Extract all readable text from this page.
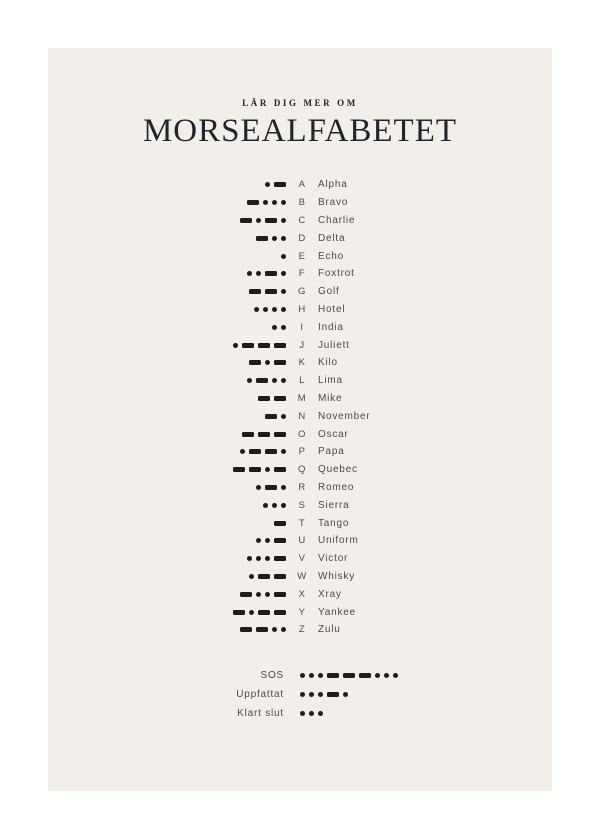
LÄR DIG MER OM
MORSEALFABETET
A	Alpha
B	Bravo
C	Charlie
D	Delta
E	Echo
F	Foxtrot
G	Golf
H	Hotel
I	India
J	Juliett
K	Kilo
L	Lima
M	Mike
N	November
O	Oscar
P	Papa
Q	Quebec
R	Romeo
S	Sierra
T	Tango
U	Uniform
V	Victor
W	Whisky
X	Xray
Y	Yankee
Z	Zulu
SOS
Uppfattat
Klart slut
